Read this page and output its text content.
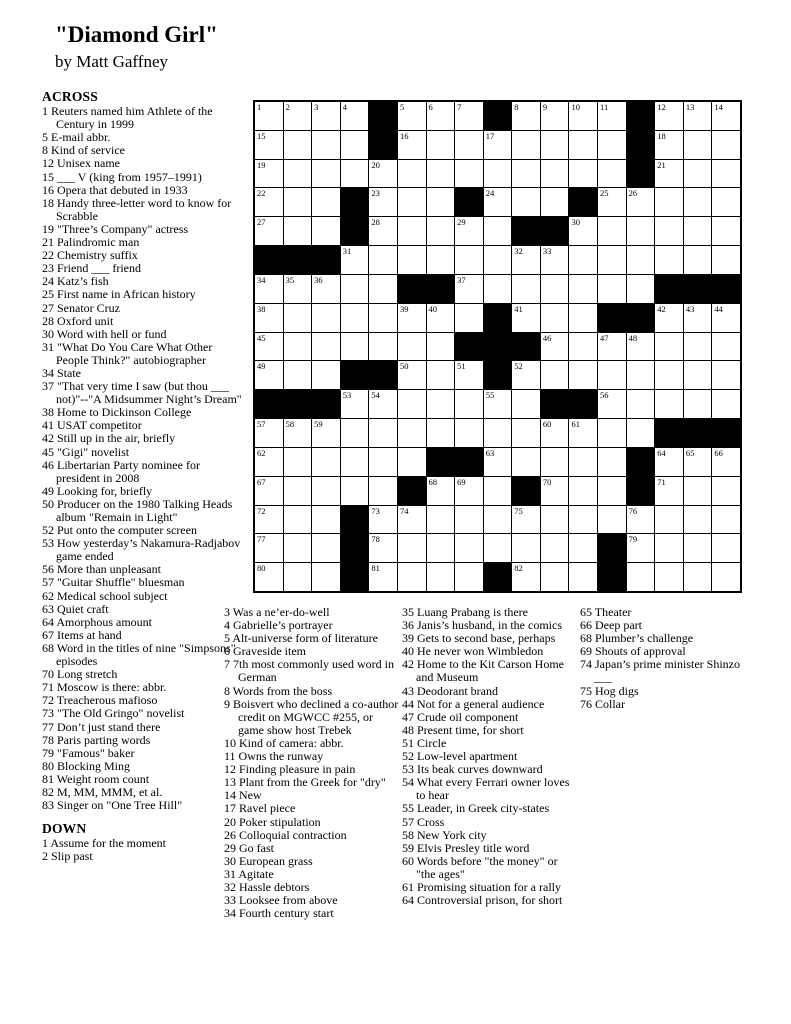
"Diamond Girl"
by Matt Gaffney
ACROSS
1 Reuters named him Athlete of the Century in 1999
5 E-mail abbr.
8 Kind of service
12 Unisex name
15 ___ V (king from 1957–1991)
16 Opera that debuted in 1933
18 Handy three-letter word to know for Scrabble
19 "Three’s Company" actress
21 Palindromic man
22 Chemistry suffix
23 Friend ___ friend
24 Katz’s fish
25 First name in African history
27 Senator Cruz
28 Oxford unit
30 Word with hell or fund
31 "What Do You Care What Other People Think?" autobiographer
34 State
37 "That very time I saw (but thou ___ not)"--"A Midsummer Night’s Dream"
38 Home to Dickinson College
41 USAT competitor
42 Still up in the air, briefly
45 "Gigi" novelist
46 Libertarian Party nominee for president in 2008
49 Looking for, briefly
50 Producer on the 1980 Talking Heads album "Remain in Light"
52 Put onto the computer screen
53 How yesterday’s Nakamura-Radjabov game ended
56 More than unpleasant
57 "Guitar Shuffle" bluesman
62 Medical school subject
63 Quiet craft
64 Amorphous amount
67 Items at hand
68 Word in the titles of nine "Simpsons" episodes
70 Long stretch
71 Moscow is there: abbr.
72 Treacherous mafioso
73 "The Old Gringo" novelist
77 Don’t just stand there
78 Paris parting words
79 "Famous" baker
80 Blocking Ming
81 Weight room count
82 M, MM, MMM, et al.
83 Singer on "One Tree Hill"
DOWN
1 Assume for the moment
2 Slip past
1	2	3	4	5	6	7	8	9	10 11	12 13 14
15	16	17	18
19	20	21
22	23	24	25 26
27	28	29	30
31	32 33
34 35 36	37
38	39 40	41	42 43 44
45	46	47 48
49	50	51	52
53 54	55	56
57 58 59	60 61
62	63	64 65 66
67	68 69	70	71
72	73 74	75	76
77	78	79
80	81	82	83
3 Was a ne’er-do-well
4 Gabrielle’s portrayer
5 Alt-universe form of literature
6 Graveside item
7 7th most commonly used word in German
8 Words from the boss
9 Boisvert who declined a co-author credit on MGWCC #255, or game show host Trebek
10 Kind of camera: abbr.
11 Owns the runway
12 Finding pleasure in pain
13 Plant from the Greek for "dry"
14 New
17 Ravel piece
20 Poker stipulation
26 Colloquial contraction
29 Go fast
30 European grass
31 Agitate
32 Hassle debtors
33 Looksee from above
34 Fourth century start
35 Luang Prabang is there
36 Janis’s husband, in the comics
39 Gets to second base, perhaps
40 He never won Wimbledon
42 Home to the Kit Carson Home and Museum
43 Deodorant brand
44 Not for a general audience
47 Crude oil component
48 Present time, for short
51 Circle
52 Low-level apartment
53 Its beak curves downward
54 What every Ferrari owner loves to hear
55 Leader, in Greek city-states
57 Cross
58 New York city
59 Elvis Presley title word
60 Words before "the money" or "the ages"
61 Promising situation for a rally
64 Controversial prison, for short
65 Theater
66 Deep part
68 Plumber’s challenge
69 Shouts of approval
74 Japan’s prime minister Shinzo ___
75 Hog digs
76 Collar
